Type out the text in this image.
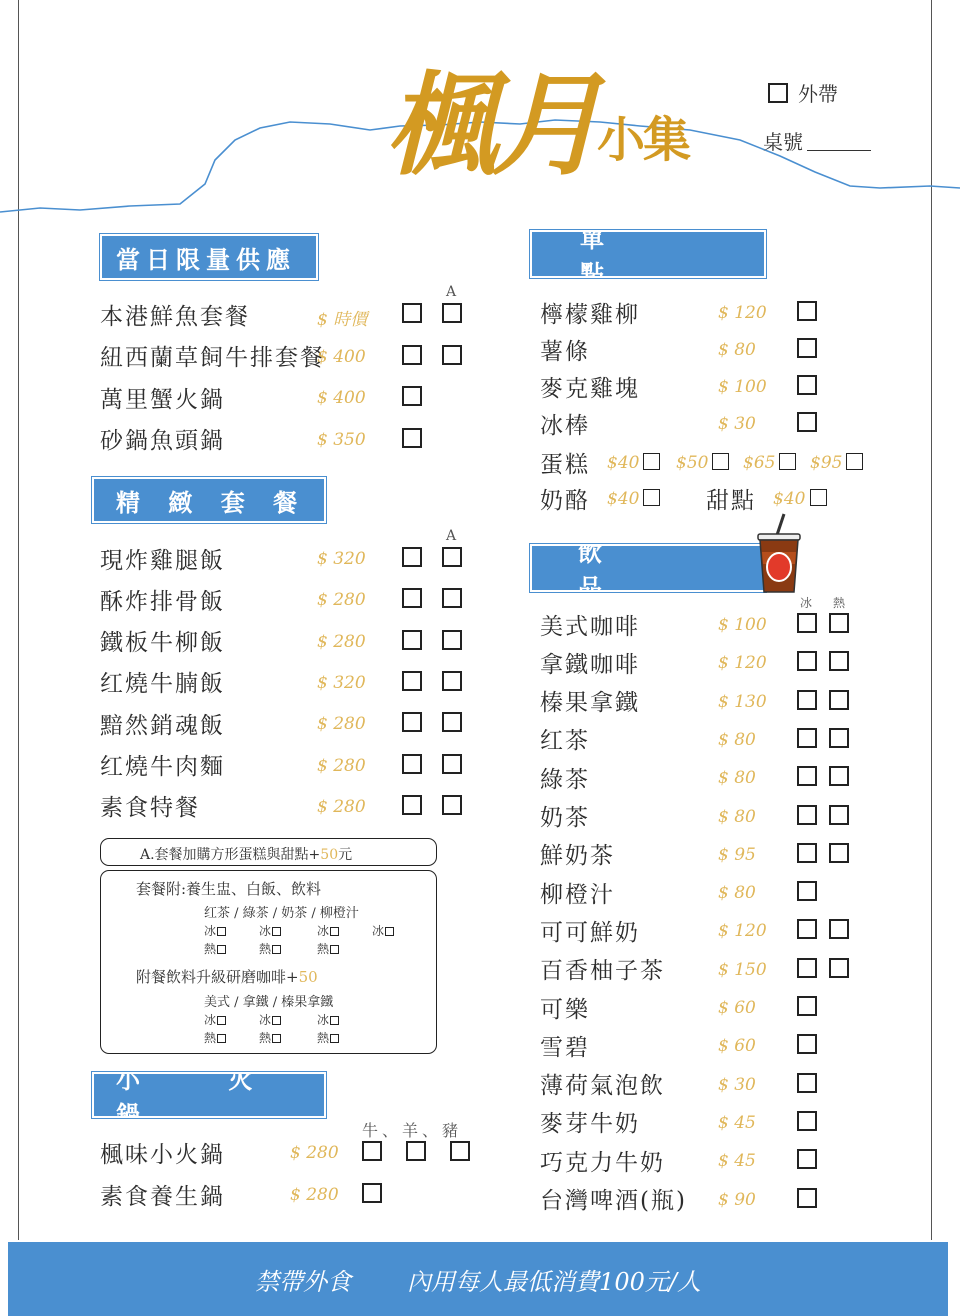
楓月小集
外帶
桌號
當日限量供應
A
本港鮮魚套餐	$ 時價
紐西蘭草飼牛排套餐
$ 400
萬里蟹火鍋	$ 400
砂鍋魚頭鍋	$ 350
精 緻 套 餐
A
現炸雞腿飯	$ 320
酥炸排骨飯	$ 280
鐵板牛柳飯	$ 280
红燒牛腩飯	$ 320
黯然銷魂飯	$ 280
红燒牛肉麵	$ 280
素食特餐	$ 280
A.套餐加購方形蛋糕與甜點+50元
套餐附:養生盅、白飯、飲料
红茶 / 綠茶 / 奶茶 / 柳橙汁
冰	冰	冰	冰
熱	熱	熱
附餐飲料升級研磨咖啡+50
美式 / 拿鐵 / 榛果拿鐵
冰	冰	冰
熱	熱	熱
小 火 鍋
牛、羊、豬
楓味小火鍋	$ 280
素食養生鍋	$ 280
單 點
檸檬雞柳	$ 120
薯條	$ 80
麥克雞塊	$ 100
冰棒	$ 30
蛋糕 $40 $50 $65 $95
奶酪 $40	甜點 $40
飲 品
冰 熱
美式咖啡	$ 100
拿鐵咖啡	$ 120
榛果拿鐵	$ 130
红茶	$ 80
綠茶	$ 80
奶茶	$ 80
鮮奶茶	$ 95
柳橙汁	$ 80
可可鮮奶	$ 120
百香柚子茶	$ 150
可樂	$ 60
雪碧	$ 60
薄荷氣泡飲	$ 30
麥芽牛奶	$ 45
巧克力牛奶	$ 45
台灣啤酒(瓶) $ 90
禁帶外食 內用每人最低消費100元/人
